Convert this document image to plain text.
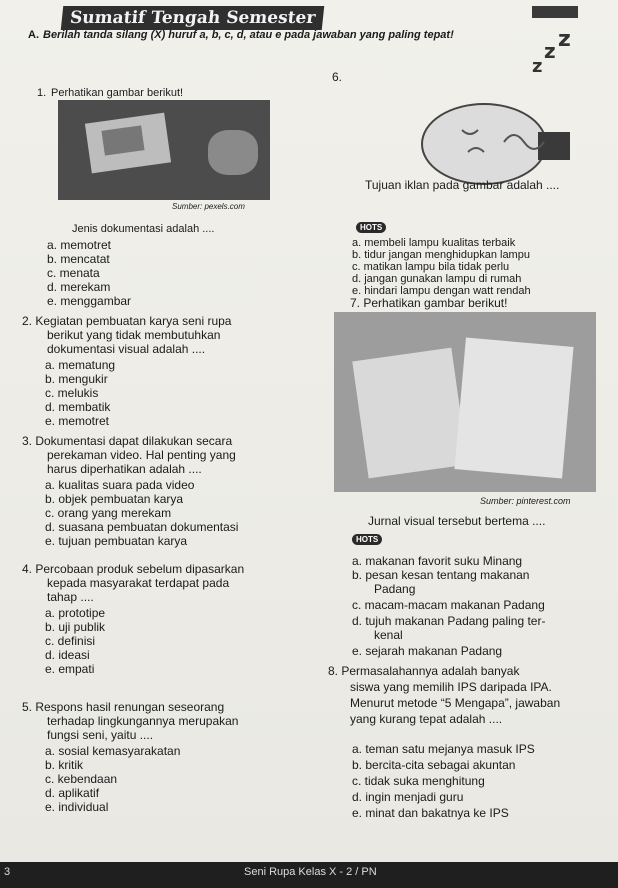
Sumatif Tengah Semester
A. Berilah tanda silang (X) huruf a, b, c, d, atau e pada jawaban yang paling tepat!
1. Perhatikan gambar berikut!
Sumber: pexels.com
Jenis dokumentasi adalah ....
a. memotret
b. mencatat
c. menata
d. merekam
e. menggambar
2. Kegiatan pembuatan karya seni rupa
berikut yang tidak membutuhkan
dokumentasi visual adalah ....
a. mematung
b. mengukir
c. melukis
d. membatik
e. memotret
3. Dokumentasi dapat dilakukan secara
perekaman video. Hal penting yang
harus diperhatikan adalah ....
a. kualitas suara pada video
b. objek pembuatan karya
c. orang yang merekam
d. suasana pembuatan dokumentasi
e. tujuan pembuatan karya
4. Percobaan produk sebelum dipasarkan
kepada masyarakat terdapat pada
tahap ....
a. prototipe
b. uji publik
c. definisi
d. ideasi
e. empati
5. Respons hasil renungan seseorang
terhadap lingkungannya merupakan
fungsi seni, yaitu ....
a. sosial kemasyarakatan
b. kritik
c. kebendaan
d. aplikatif
e. individual
6.	z
z z
Tujuan iklan pada gambar adalah ....
HOTS
a. membeli lampu kualitas terbaik
b. tidur jangan menghidupkan lampu
c. matikan lampu bila tidak perlu
d. jangan gunakan lampu di rumah
e. hindari lampu dengan watt rendah
7. Perhatikan gambar berikut!
Sumber: pinterest.com
Jurnal visual tersebut bertema ....
HOTS
a. makanan favorit suku Minang
b. pesan kesan tentang makanan
Padang
c. macam-macam makanan Padang
d. tujuh makanan Padang paling ter-
kenal
e. sejarah makanan Padang
8. Permasalahannya adalah banyak
siswa yang memilih IPS daripada IPA.
Menurut metode “5 Mengapa”, jawaban
yang kurang tepat adalah ....
a. teman satu mejanya masuk IPS
b. bercita-cita sebagai akuntan
c. tidak suka menghitung
d. ingin menjadi guru
e. minat dan bakatnya ke IPS
3	Seni Rupa Kelas X - 2 / PN
